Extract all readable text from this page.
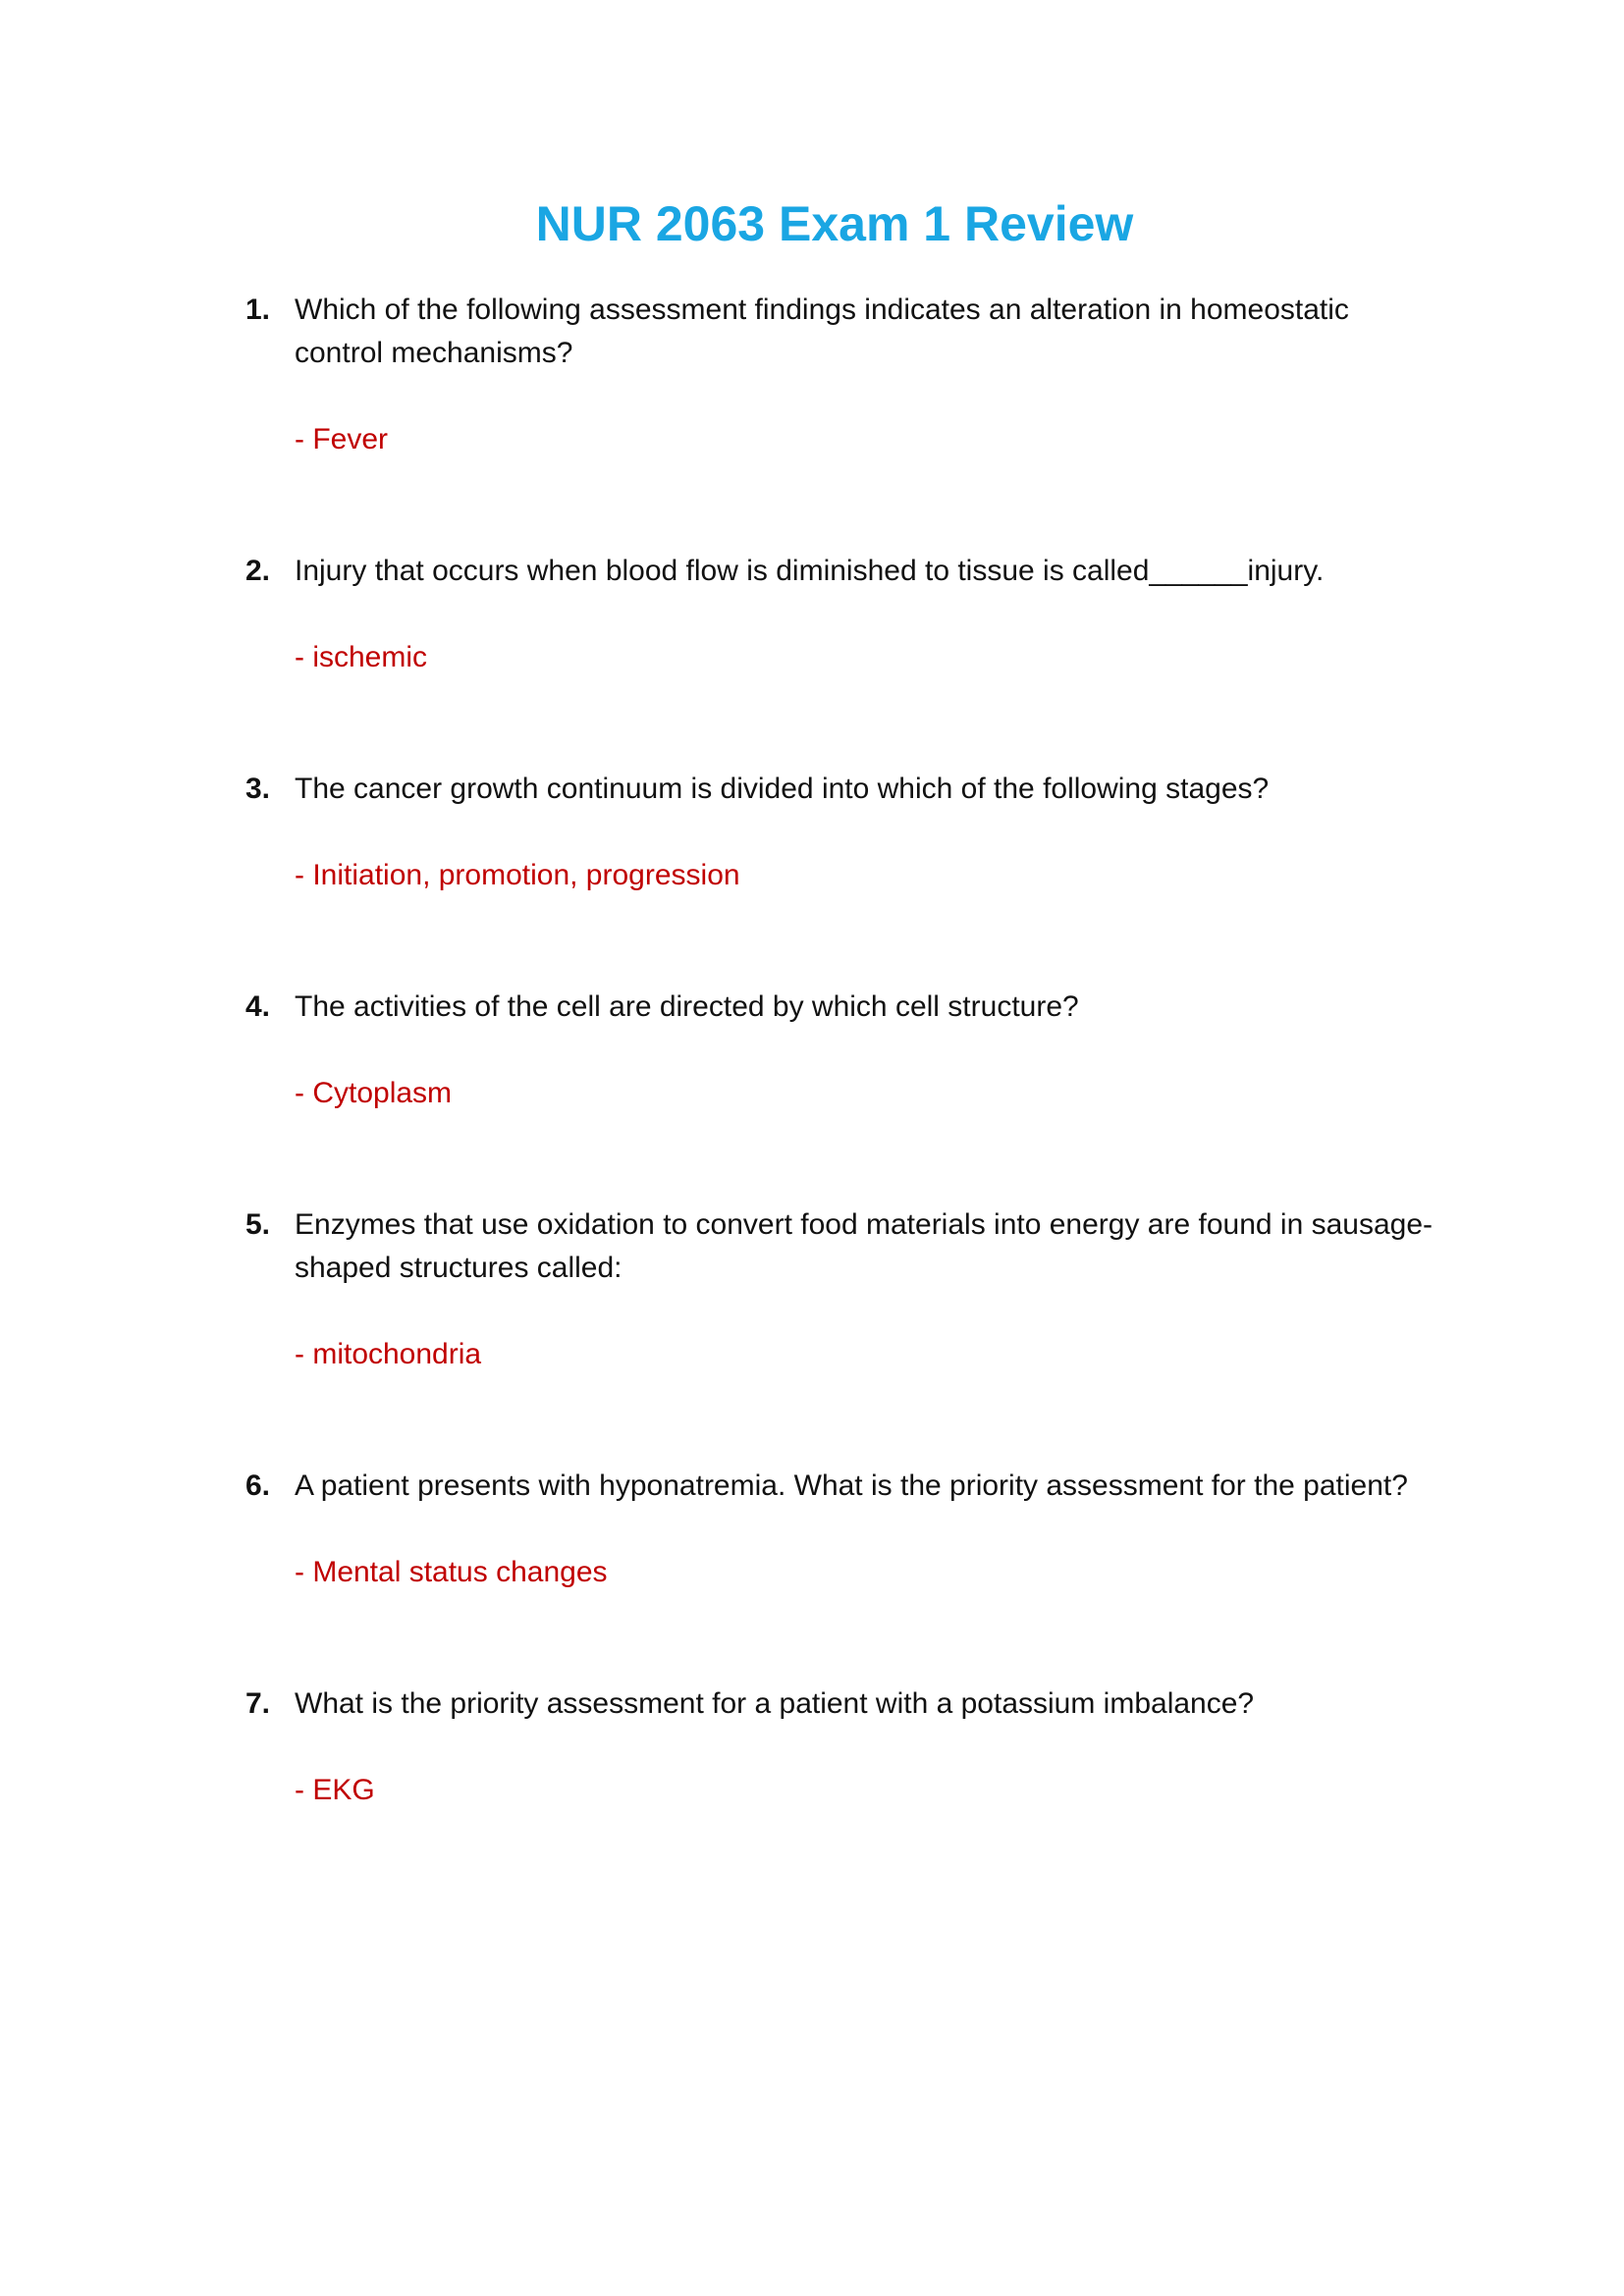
NUR 2063 Exam 1 Review
1. Which of the following assessment findings indicates an alteration in homeostatic control mechanisms?
- Fever
2. Injury that occurs when blood flow is diminished to tissue is called______injury.
- ischemic
3. The cancer growth continuum is divided into which of the following stages?
- Initiation, promotion, progression
4. The activities of the cell are directed by which cell structure?
- Cytoplasm
5. Enzymes that use oxidation to convert food materials into energy are found in sausage-shaped structures called:
- mitochondria
6. A patient presents with hyponatremia. What is the priority assessment for the patient?
- Mental status changes
7. What is the priority assessment for a patient with a potassium imbalance?
- EKG
